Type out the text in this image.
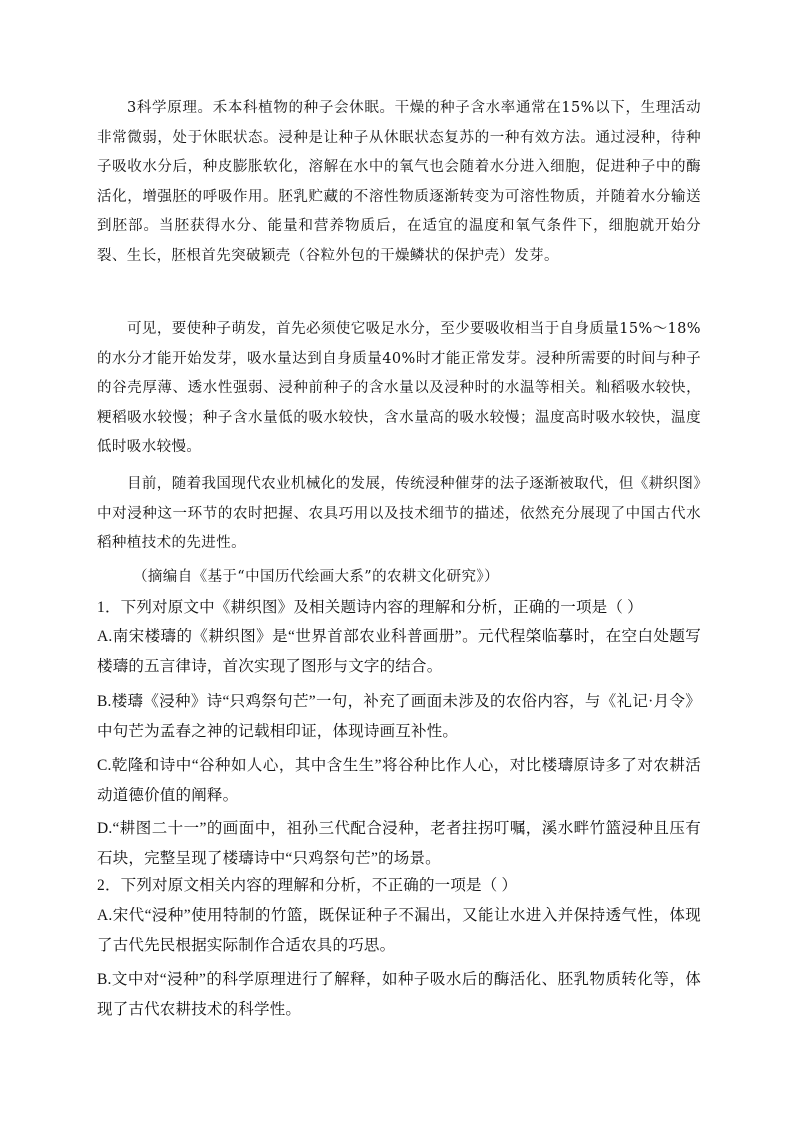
3科学原理。禾本科植物的种子会休眠。干燥的种子含水率通常在15%以下，生理活动非常微弱，处于休眠状态。浸种是让种子从休眠状态复苏的一种有效方法。通过浸种，待种子吸收水分后，种皮膨胀软化，溶解在水中的氧气也会随着水分进入细胞，促进种子中的酶活化，增强胚的呼吸作用。胚乳贮藏的不溶性物质逐渐转变为可溶性物质，并随着水分输送到胚部。当胚获得水分、能量和营养物质后，在适宜的温度和氧气条件下，细胞就开始分裂、生长，胚根首先突破颖壳（谷粒外包的干燥鳞状的保护壳）发芽。

可见，要使种子萌发，首先必须使它吸足水分，至少要吸收相当于自身质量15%～18%的水分才能开始发芽，吸水量达到自身质量40%时才能正常发芽。浸种所需要的时间与种子的谷壳厚薄、透水性强弱、浸种前种子的含水量以及浸种时的水温等相关。籼稻吸水较快，粳稻吸水较慢；种子含水量低的吸水较快，含水量高的吸水较慢；温度高时吸水较快，温度低时吸水较慢。

目前，随着我国现代农业机械化的发展，传统浸种催芽的法子逐渐被取代，但《耕织图》中对浸种这一环节的农时把握、农具巧用以及技术细节的描述，依然充分展现了中国古代水稻种植技术的先进性。

（摘编自《基于“中国历代绘画大系”的农耕文化研究》）

1．下列对原文中《耕织图》及相关题诗内容的理解和分析，正确的一项是（ ）

A.南宋楼璹的《耕织图》是“世界首部农业科普画册”。元代程棨临摹时，在空白处题写楼璹的五言律诗，首次实现了图形与文字的结合。

B.楼璹《浸种》诗“只鸡祭句芒”一句，补充了画面未涉及的农俗内容，与《礼记·月令》中句芒为孟春之神的记载相印证，体现诗画互补性。

C.乾隆和诗中“谷种如人心，其中含生生”将谷种比作人心，对比楼璹原诗多了对农耕活动道德价值的阐释。

D.“耕图二十一”的画面中，祖孙三代配合浸种，老者拄拐叮嘱，溪水畔竹篮浸种且压有石块，完整呈现了楼璹诗中“只鸡祭句芒”的场景。

2．下列对原文相关内容的理解和分析，不正确的一项是（ ）

A.宋代“浸种”使用特制的竹篮，既保证种子不漏出，又能让水进入并保持透气性，体现了古代先民根据实际制作合适农具的巧思。

B.文中对“浸种”的科学原理进行了解释，如种子吸水后的酶活化、胚乳物质转化等，体现了古代农耕技术的科学性。
